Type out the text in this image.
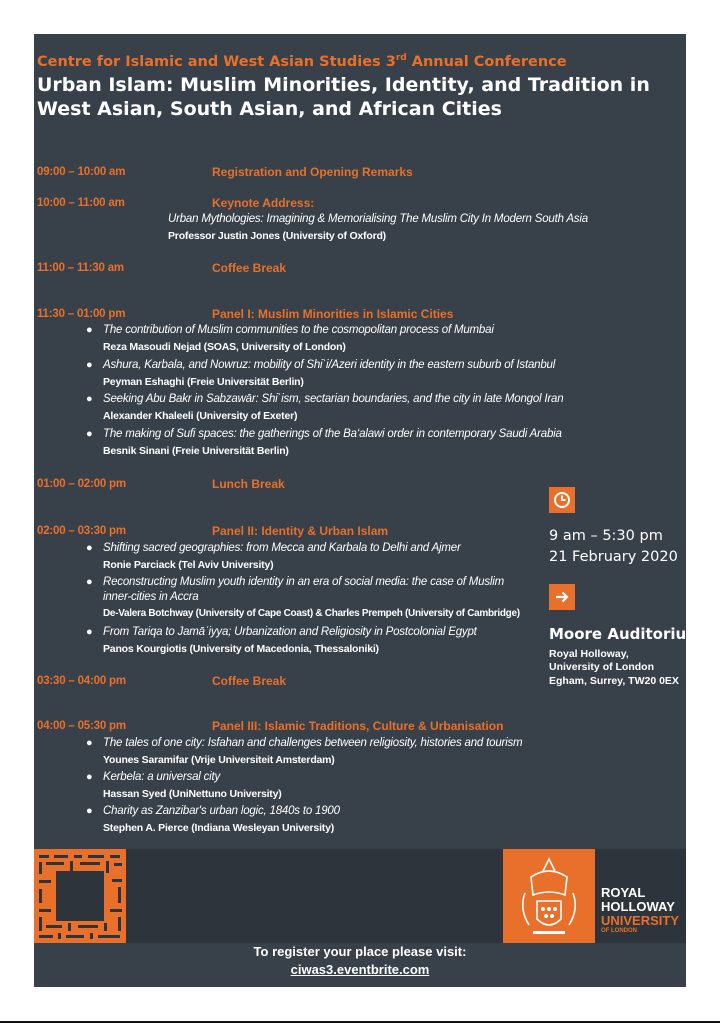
Centre for Islamic and West Asian Studies 3rd Annual Conference
Urban Islam: Muslim Minorities, Identity, and Tradition in
West Asian, South Asian, and African Cities
09:00 – 10:00 am	Registration and Opening Remarks
10:00 – 11:00 am	Keynote Address:
Urban Mythologies: Imagining & Memorialising The Muslim City In Modern South Asia
Professor Justin Jones (University of Oxford)
11:00 – 11:30 am	Coffee Break
11:30 – 01:00 pm	Panel I: Muslim Minorities in Islamic Cities
● The contribution of Muslim communities to the cosmopolitan process of Mumbai
Reza Masoudi Nejad (SOAS, University of London)
● Ashura, Karbala, and Nowruz: mobility of Shi`i/Azeri identity in the eastern suburb of Istanbul
Peyman Eshaghi (Freie Universität Berlin)
● Seeking Abu Bakr in Sabzawār: Shi`ism, sectarian boundaries, and the city in late Mongol Iran
Alexander Khaleeli (University of Exeter)
● The making of Sufi spaces: the gatherings of the Ba‘alawi order in contemporary Saudi Arabia
Besnik Sinani (Freie Universität Berlin)
01:00 – 02:00 pm	Lunch Break
02:00 – 03:30 pm	Panel II: Identity & Urban Islam
● Shifting sacred geographies: from Mecca and Karbala to Delhi and Ajmer
Ronie Parciack (Tel Aviv University)
● Reconstructing Muslim youth identity in an era of social media: the case of Muslim
inner-cities in Accra
De-Valera Botchway (University of Cape Coast) & Charles Prempeh (University of Cambridge)
● From Tariqa to Jamāʿiyya; Urbanization and Religiosity in Postcolonial Egypt
Panos Kourgiotis (University of Macedonia, Thessaloniki)
03:30 – 04:00 pm	Coffee Break
04:00 – 05:30 pm	Panel III: Islamic Traditions, Culture & Urbanisation
● The tales of one city: Isfahan and challenges between religiosity, histories and tourism
Younes Saramifar (Vrije Universiteit Amsterdam)
● Kerbela: a universal city
Hassan Syed (UniNettuno University)
● Charity as Zanzibar's urban logic, 1840s to 1900
Stephen A. Pierce (Indiana Wesleyan University)
9 am – 5:30 pm
21 February 2020
Moore Auditorium
Royal Holloway,
University of London
Egham, Surrey, TW20 0EX
ROYAL
HOLLOWAY
UNIVERSITY
OF LONDON
To register your place please visit:
ciwas3.eventbrite.com
